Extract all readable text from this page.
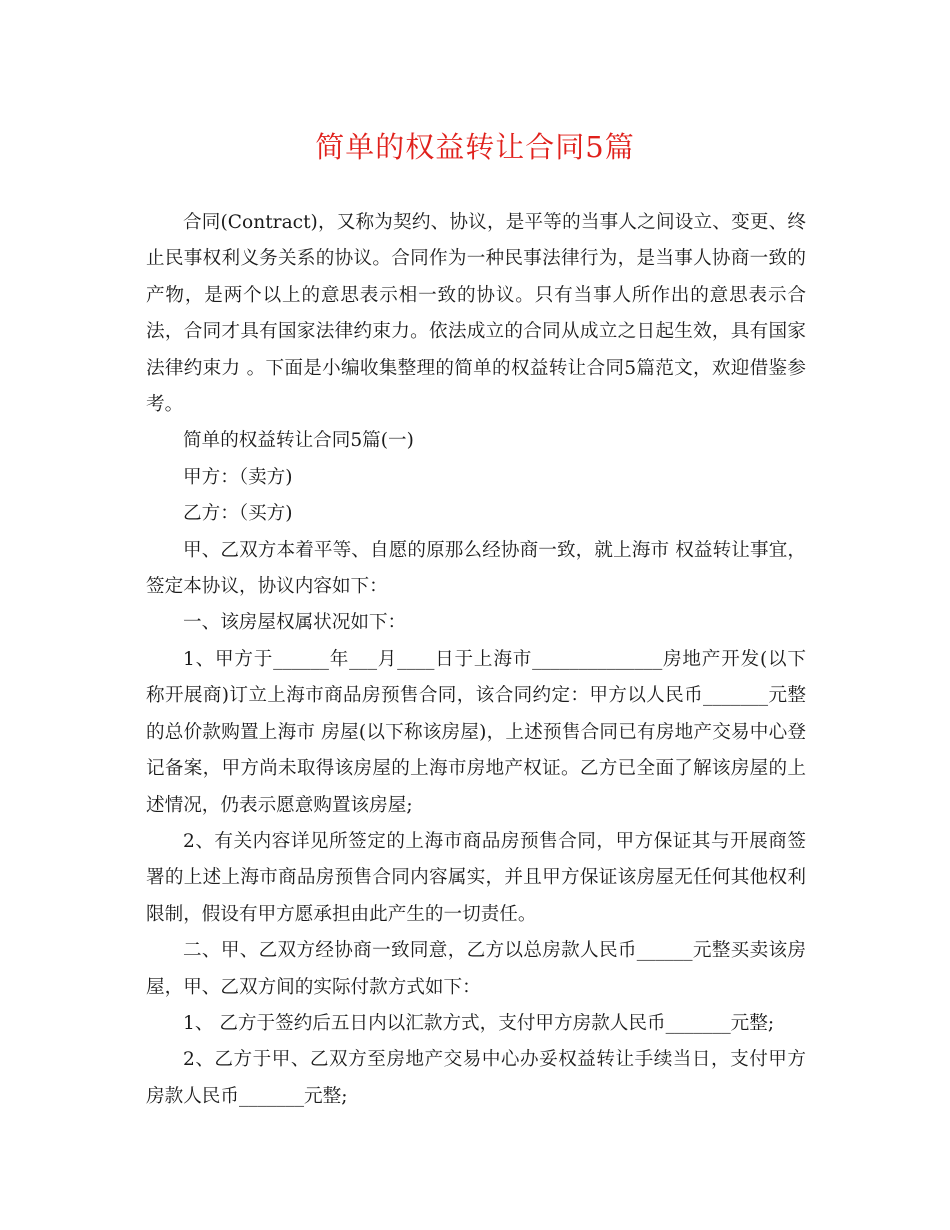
简单的权益转让合同5篇

合同(Contract)，又称为契约、协议，是平等的当事人之间设立、变更、终止民事权利义务关系的协议。合同作为一种民事法律行为，是当事人协商一致的产物，是两个以上的意思表示相一致的协议。只有当事人所作出的意思表示合法，合同才具有国家法律约束力。依法成立的合同从成立之日起生效，具有国家法律约束力 。下面是小编收集整理的简单的权益转让合同5篇范文，欢迎借鉴参考。

简单的权益转让合同5篇(一)

甲方：（卖方)

乙方：（买方)

甲、乙双方本着平等、自愿的原那么经协商一致，就上海市 权益转让事宜，签定本协议，协议内容如下：

一、该房屋权属状况如下：

1、甲方于______年___月____日于上海市______________房地产开发(以下称开展商)订立上海市商品房预售合同，该合同约定：甲方以人民币_______元整的总价款购置上海市 房屋(以下称该房屋)，上述预售合同已有房地产交易中心登记备案，甲方尚未取得该房屋的上海市房地产权证。乙方已全面了解该房屋的上述情况，仍表示愿意购置该房屋;

2、有关内容详见所签定的上海市商品房预售合同，甲方保证其与开展商签署的上述上海市商品房预售合同内容属实，并且甲方保证该房屋无任何其他权利限制，假设有甲方愿承担由此产生的一切责任。

二、甲、乙双方经协商一致同意，乙方以总房款人民币______元整买卖该房屋，甲、乙双方间的实际付款方式如下：

1、 乙方于签约后五日内以汇款方式，支付甲方房款人民币_______元整;

2、乙方于甲、乙双方至房地产交易中心办妥权益转让手续当日，支付甲方房款人民币_______元整;
